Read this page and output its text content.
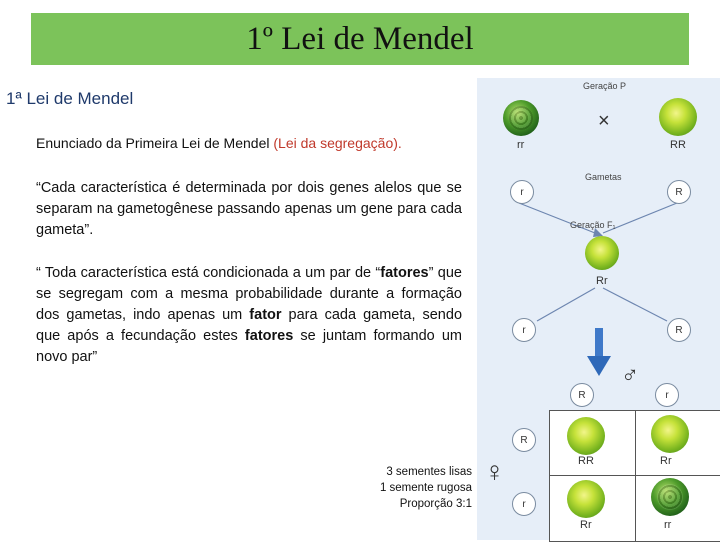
1º Lei de Mendel
1ª Lei de Mendel
Enunciado da Primeira Lei de Mendel (Lei da segregação).
“Cada característica é determinada por dois genes alelos que se separam na gametogênese passando apenas um gene para cada gameta”.
“ Toda característica está condicionada a um par de “fatores” que se segregam com a mesma probabilidade durante a formação dos gametas, indo apenas um fator para cada gameta, sendo que após a fecundação estes fatores se juntam formando um novo par”
3 sementes lisas
1 semente rugosa
Proporção 3:1
Geração P
×
rr	RR
Gametas
r	R
Geração F₁
Rr
r	R
♂
R	r
♀
R
r
RR	Rr
Rr	rr
